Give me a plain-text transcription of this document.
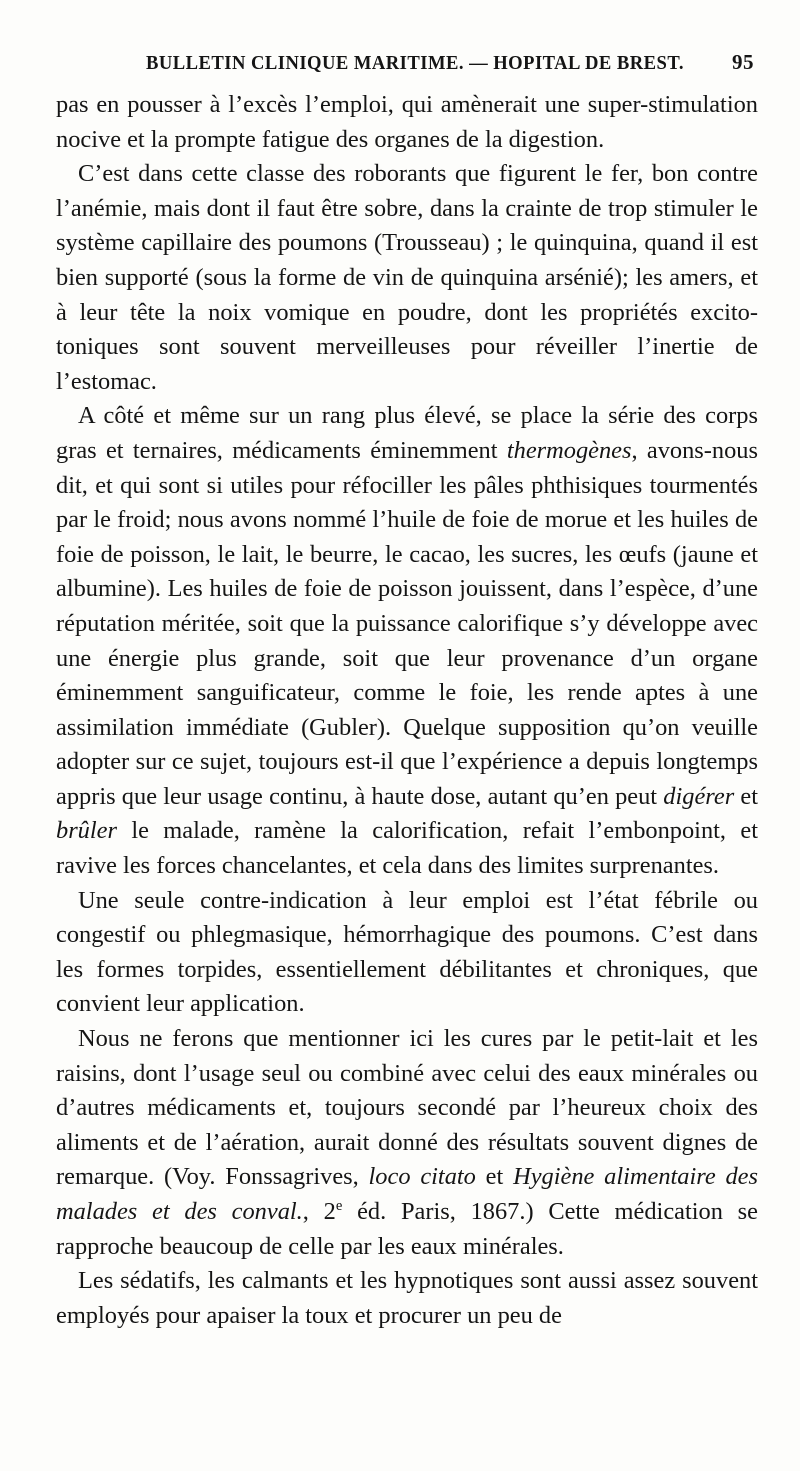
BULLETIN CLINIQUE MARITIME. — HOPITAL DE BREST. 95

pas en pousser à l’excès l’emploi, qui amènerait une super-stimulation nocive et la prompte fatigue des organes de la digestion.

C’est dans cette classe des roborants que figurent le fer, bon contre l’anémie, mais dont il faut être sobre, dans la crainte de trop stimuler le système capillaire des poumons (Trousseau) ; le quinquina, quand il est bien supporté (sous la forme de vin de quinquina arsénié); les amers, et à leur tête la noix vomique en poudre, dont les propriétés excito-toniques sont souvent merveilleuses pour réveiller l’inertie de l’estomac.

A côté et même sur un rang plus élevé, se place la série des corps gras et ternaires, médicaments éminemment thermogènes, avons-nous dit, et qui sont si utiles pour réfociller les pâles phthisiques tourmentés par le froid; nous avons nommé l’huile de foie de morue et les huiles de foie de poisson, le lait, le beurre, le cacao, les sucres, les œufs (jaune et albumine). Les huiles de foie de poisson jouissent, dans l’espèce, d’une réputation méritée, soit que la puissance calorifique s’y développe avec une énergie plus grande, soit que leur provenance d’un organe éminemment sanguificateur, comme le foie, les rende aptes à une assimilation immédiate (Gubler). Quelque supposition qu’on veuille adopter sur ce sujet, toujours est-il que l’expérience a depuis longtemps appris que leur usage continu, à haute dose, autant qu’en peut digérer et brûler le malade, ramène la calorification, refait l’embonpoint, et ravive les forces chancelantes, et cela dans des limites surprenantes.

Une seule contre-indication à leur emploi est l’état fébrile ou congestif ou phlegmasique, hémorrhagique des poumons. C’est dans les formes torpides, essentiellement débilitantes et chroniques, que convient leur application.

Nous ne ferons que mentionner ici les cures par le petit-lait et les raisins, dont l’usage seul ou combiné avec celui des eaux minérales ou d’autres médicaments et, toujours secondé par l’heureux choix des aliments et de l’aération, aurait donné des résultats souvent dignes de remarque. (Voy. Fonssagrives, loco citato et Hygiène alimentaire des malades et des conval., 2e éd. Paris, 1867.) Cette médication se rapproche beaucoup de celle par les eaux minérales.

Les sédatifs, les calmants et les hypnotiques sont aussi assez souvent employés pour apaiser la toux et procurer un peu de
